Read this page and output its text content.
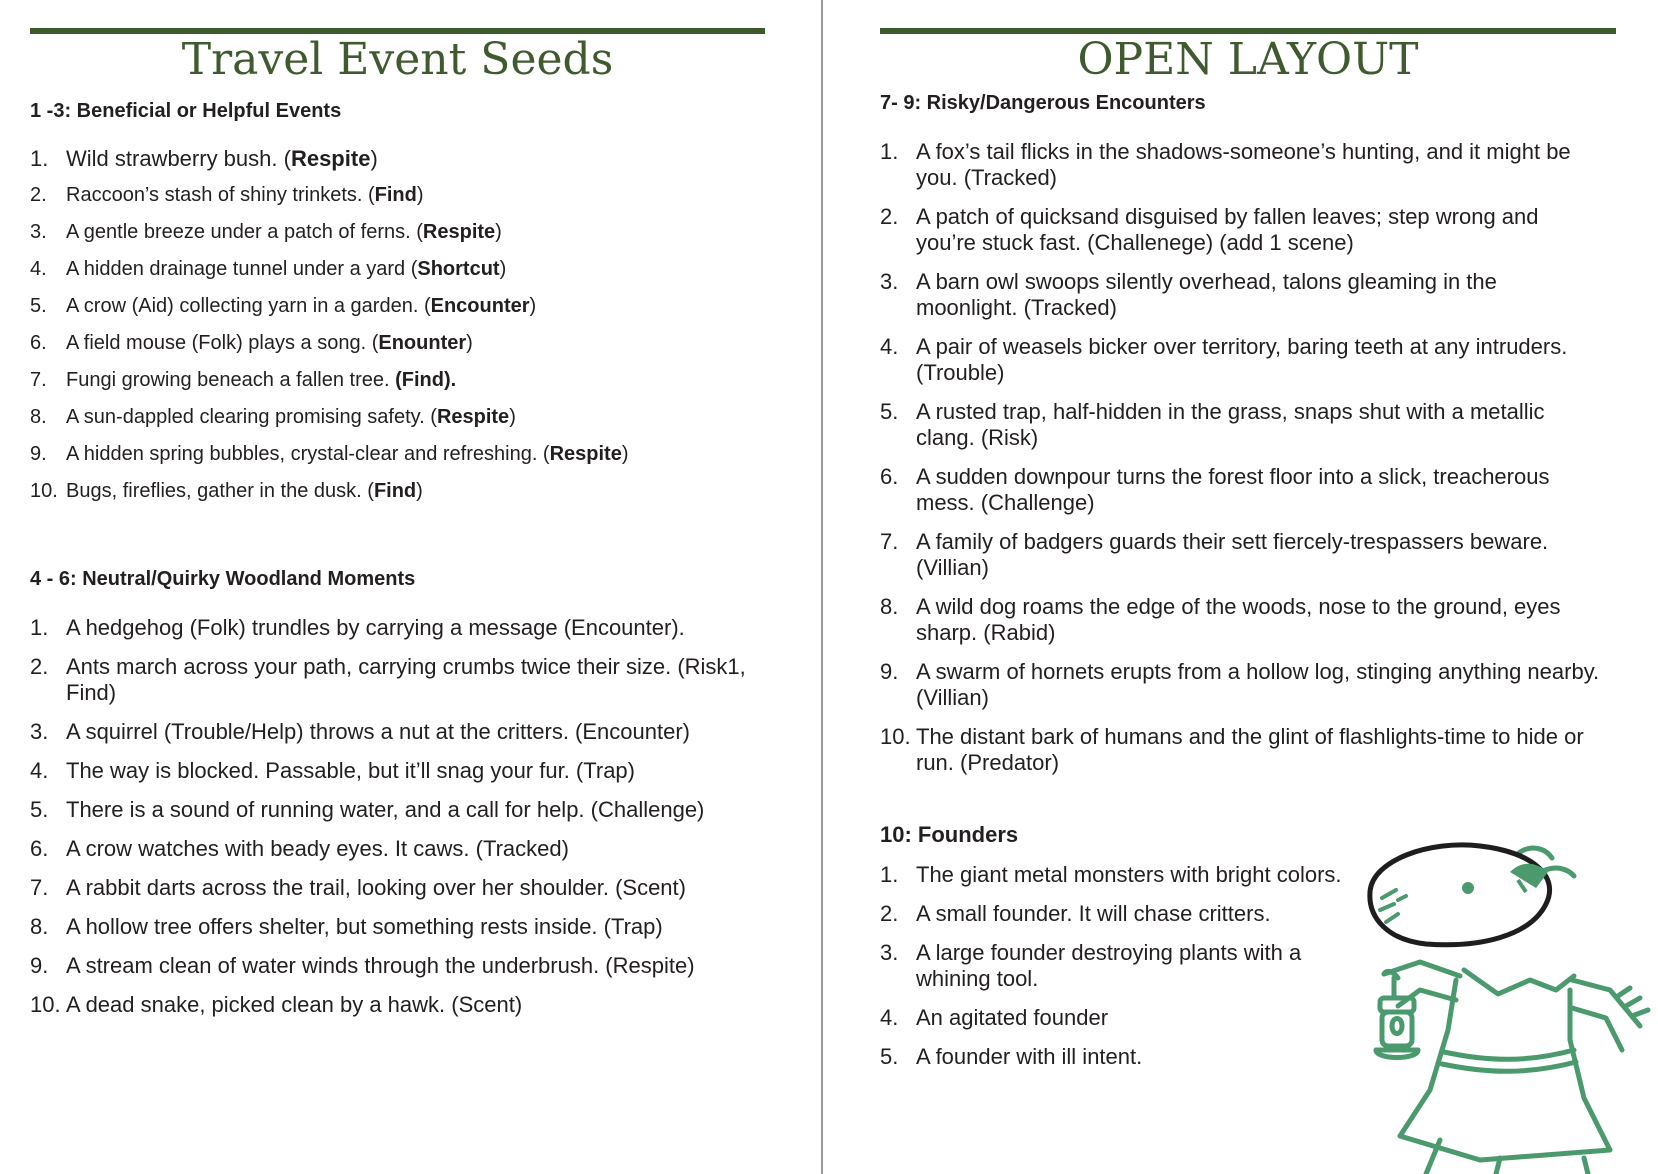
Travel Event Seeds
1 -3: Beneficial or Helpful Events
1. Wild strawberry bush. (Respite)
2. Raccoon’s stash of shiny trinkets. (Find)
3. A gentle breeze under a patch of ferns. (Respite)
4. A hidden drainage tunnel under a yard (Shortcut)
5. A crow (Aid) collecting yarn in a garden. (Encounter)
6. A field mouse (Folk) plays a song. (Enounter)
7. Fungi growing beneach a fallen tree. (Find).
8. A sun-dappled clearing promising safety. (Respite)
9. A hidden spring bubbles, crystal-clear and refreshing. (Respite)
10. Bugs, fireflies, gather in the dusk. (Find)
4 - 6: Neutral/Quirky Woodland Moments
1. A hedgehog (Folk) trundles by carrying a message (Encounter).
2. Ants march across your path, carrying crumbs twice their size. (Risk1, Find)
3. A squirrel (Trouble/Help) throws a nut at the critters. (Encounter)
4. The way is blocked. Passable, but it’ll snag your fur. (Trap)
5. There is a sound of running water, and a call for help. (Challenge)
6. A crow watches with beady eyes. It caws. (Tracked)
7. A rabbit darts across the trail, looking over her shoulder. (Scent)
8. A hollow tree offers shelter, but something rests inside. (Trap)
9. A stream clean of water winds through the underbrush. (Respite)
10. A dead snake, picked clean by a hawk. (Scent)
OPEN LAYOUT
7- 9: Risky/Dangerous Encounters
1. A fox’s tail flicks in the shadows-someone’s hunting, and it might be you. (Tracked)
2. A patch of quicksand disguised by fallen leaves; step wrong and you’re stuck fast. (Challenege) (add 1 scene)
3. A barn owl swoops silently overhead, talons gleaming in the moonlight. (Tracked)
4. A pair of weasels bicker over territory, baring teeth at any intruders. (Trouble)
5. A rusted trap, half-hidden in the grass, snaps shut with a metallic clang. (Risk)
6. A sudden downpour turns the forest floor into a slick, treacherous mess. (Challenge)
7. A family of badgers guards their sett fiercely-trespassers beware. (Villian)
8. A wild dog roams the edge of the woods, nose to the ground, eyes sharp. (Rabid)
9. A swarm of hornets erupts from a hollow log, stinging anything nearby. (Villian)
10. The distant bark of humans and the glint of flashlights-time to hide or run. (Predator)
10: Founders
1. The giant metal monsters with bright colors.
2. A small founder. It will chase critters.
3. A large founder destroying plants with a whining tool.
4. An agitated founder
5. A founder with ill intent.
